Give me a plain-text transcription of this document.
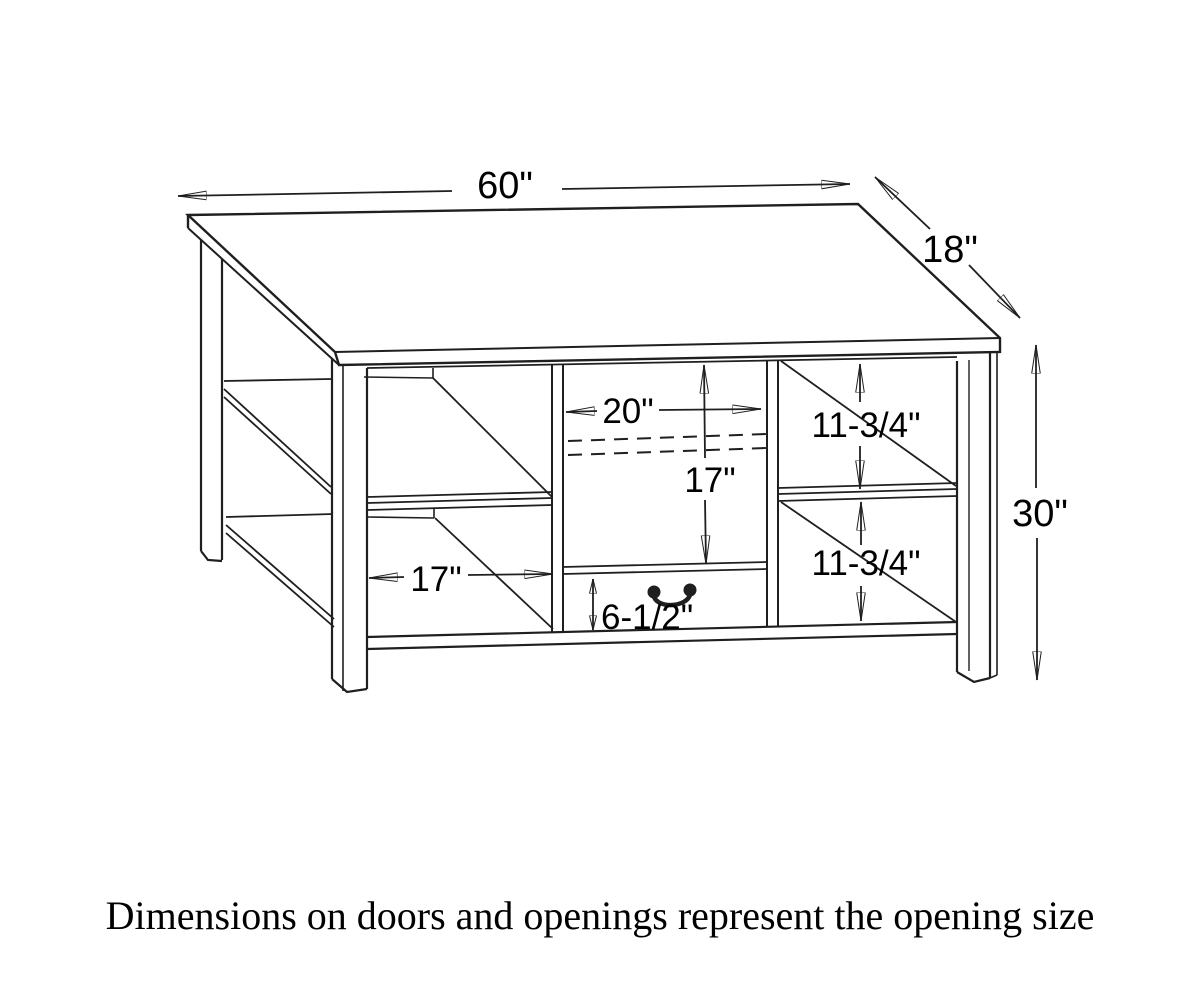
60"
18"
30"
20"
17"
11-3/4"
11-3/4"
17"
6-1/2"
Dimensions on doors and openings represent the opening size
